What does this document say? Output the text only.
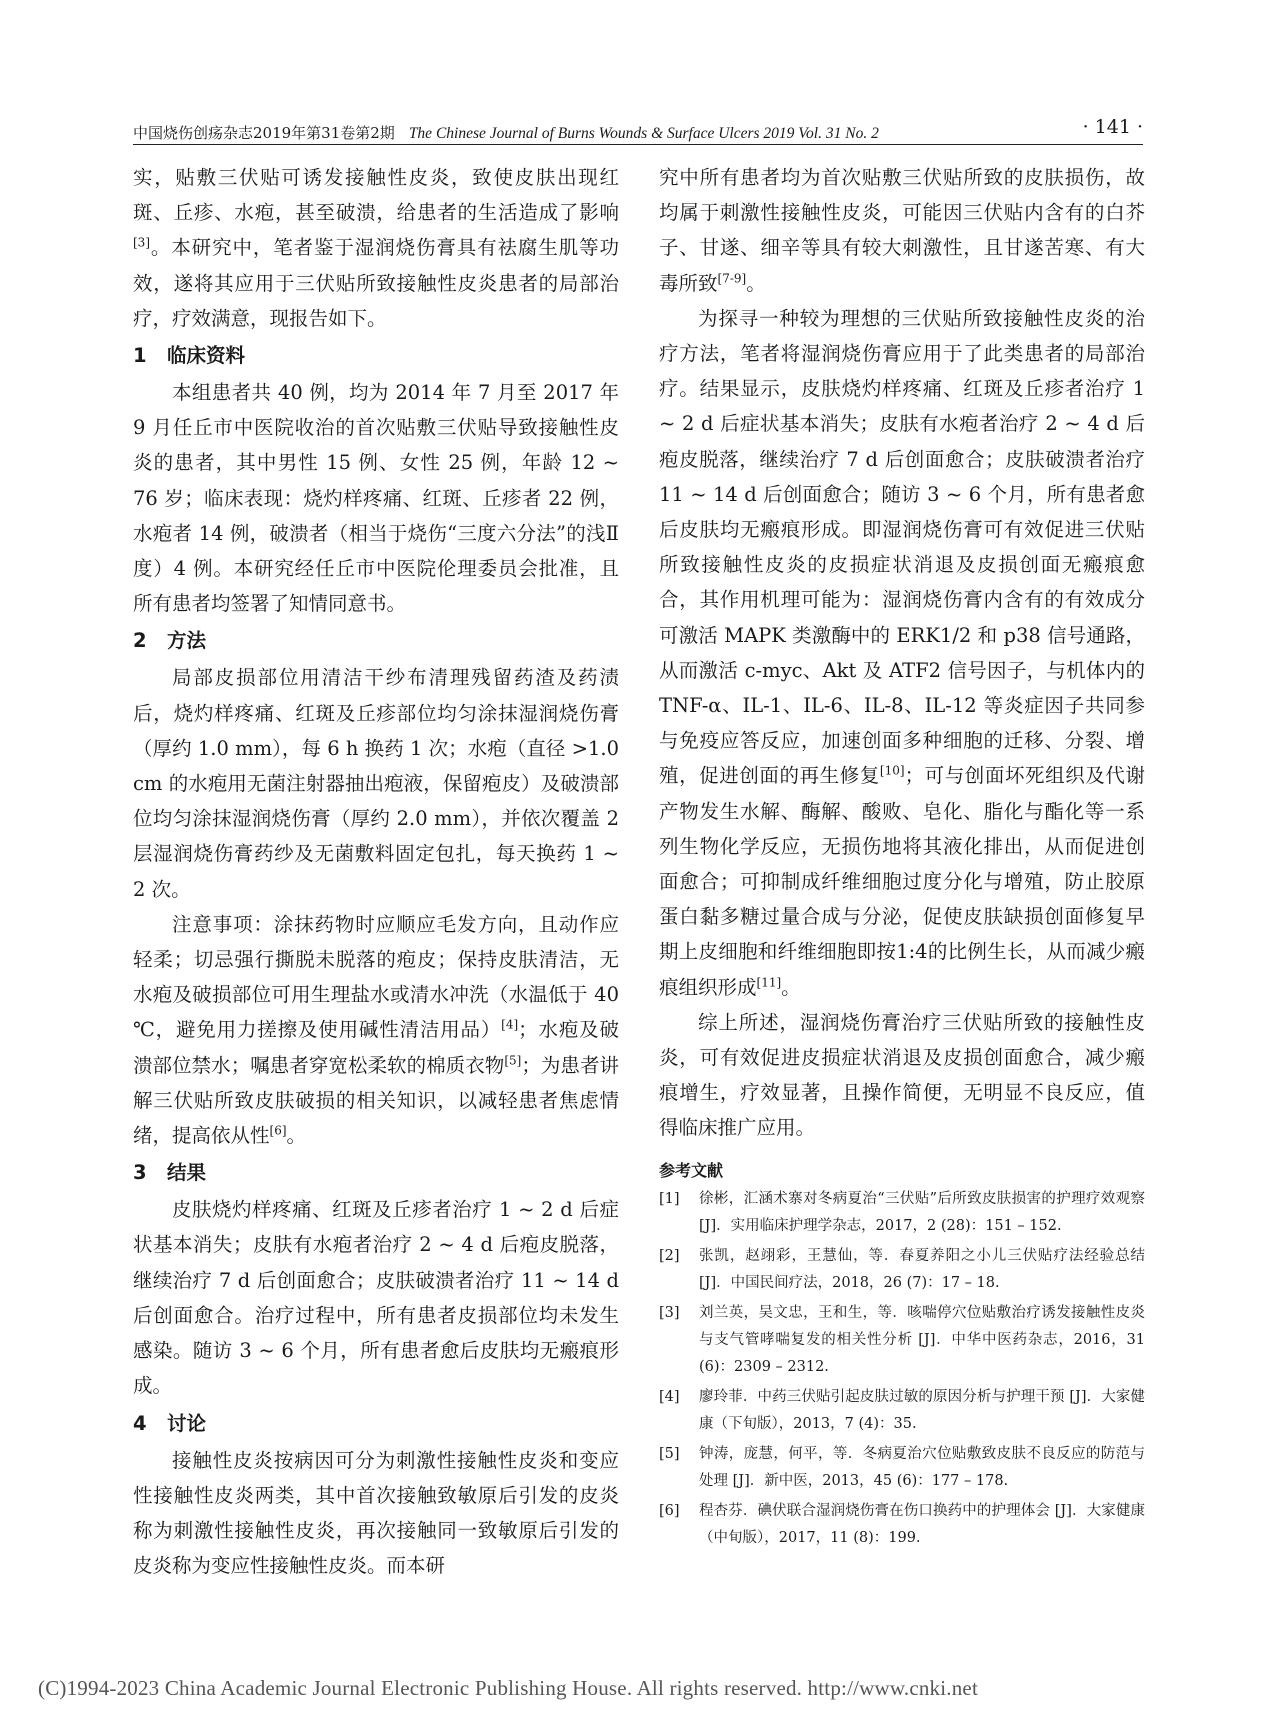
中国烧伤创疡杂志2019年第31卷第2期 The Chinese Journal of Burns Wounds & Surface Ulcers 2019 Vol. 31 No. 2	· 141 ·

实，贴敷三伏贴可诱发接触性皮炎，致使皮肤出现红斑、丘疹、水疱，甚至破溃，给患者的生活造成了影响[3]。本研究中，笔者鉴于湿润烧伤膏具有祛腐生肌等功效，遂将其应用于三伏贴所致接触性皮炎患者的局部治疗，疗效满意，现报告如下。

1 临床资料

本组患者共 40 例，均为 2014 年 7 月至 2017 年 9 月任丘市中医院收治的首次贴敷三伏贴导致接触性皮炎的患者，其中男性 15 例、女性 25 例，年龄 12 ~ 76 岁；临床表现：烧灼样疼痛、红斑、丘疹者 22 例，水疱者 14 例，破溃者（相当于烧伤“三度六分法”的浅Ⅱ度）4 例。本研究经任丘市中医院伦理委员会批准，且所有患者均签署了知情同意书。

2 方法

局部皮损部位用清洁干纱布清理残留药渣及药渍后，烧灼样疼痛、红斑及丘疹部位均匀涂抹湿润烧伤膏（厚约 1.0 mm），每 6 h 换药 1 次；水疱（直径 >1.0 cm 的水疱用无菌注射器抽出疱液，保留疱皮）及破溃部位均匀涂抹湿润烧伤膏（厚约 2.0 mm），并依次覆盖 2 层湿润烧伤膏药纱及无菌敷料固定包扎，每天换药 1 ~ 2 次。

注意事项：涂抹药物时应顺应毛发方向，且动作应轻柔；切忌强行撕脱未脱落的疱皮；保持皮肤清洁，无水疱及破损部位可用生理盐水或清水冲洗（水温低于 40 ℃，避免用力搓擦及使用碱性清洁用品）[4]；水疱及破溃部位禁水；嘱患者穿宽松柔软的棉质衣物[5]；为患者讲解三伏贴所致皮肤破损的相关知识，以减轻患者焦虑情绪，提高依从性[6]。

3 结果

皮肤烧灼样疼痛、红斑及丘疹者治疗 1 ~ 2 d 后症状基本消失；皮肤有水疱者治疗 2 ~ 4 d 后疱皮脱落，继续治疗 7 d 后创面愈合；皮肤破溃者治疗 11 ~ 14 d 后创面愈合。治疗过程中，所有患者皮损部位均未发生感染。随访 3 ~ 6 个月，所有患者愈后皮肤均无瘢痕形成。

4 讨论

接触性皮炎按病因可分为刺激性接触性皮炎和变应性接触性皮炎两类，其中首次接触致敏原后引发的皮炎称为刺激性接触性皮炎，再次接触同一致敏原后引发的皮炎称为变应性接触性皮炎。而本研

究中所有患者均为首次贴敷三伏贴所致的皮肤损伤，故均属于刺激性接触性皮炎，可能因三伏贴内含有的白芥子、甘遂、细辛等具有较大刺激性，且甘遂苦寒、有大毒所致[7-9]。

为探寻一种较为理想的三伏贴所致接触性皮炎的治疗方法，笔者将湿润烧伤膏应用于了此类患者的局部治疗。结果显示，皮肤烧灼样疼痛、红斑及丘疹者治疗 1 ~ 2 d 后症状基本消失；皮肤有水疱者治疗 2 ~ 4 d 后疱皮脱落，继续治疗 7 d 后创面愈合；皮肤破溃者治疗 11 ~ 14 d 后创面愈合；随访 3 ~ 6 个月，所有患者愈后皮肤均无瘢痕形成。即湿润烧伤膏可有效促进三伏贴所致接触性皮炎的皮损症状消退及皮损创面无瘢痕愈合，其作用机理可能为：湿润烧伤膏内含有的有效成分可激活 MAPK 类激酶中的 ERK1/2 和 p38 信号通路，从而激活 c-myc、Akt 及 ATF2 信号因子，与机体内的TNF-α、IL-1、IL-6、IL-8、IL-12 等炎症因子共同参与免疫应答反应，加速创面多种细胞的迁移、分裂、增殖，促进创面的再生修复[10]；可与创面坏死组织及代谢产物发生水解、酶解、酸败、皂化、脂化与酯化等一系列生物化学反应，无损伤地将其液化排出，从而促进创面愈合；可抑制成纤维细胞过度分化与增殖，防止胶原蛋白黏多糖过量合成与分泌，促使皮肤缺损创面修复早期上皮细胞和纤维细胞即按1:4的比例生长，从而减少瘢痕组织形成[11]。

综上所述，湿润烧伤膏治疗三伏贴所致的接触性皮炎，可有效促进皮损症状消退及皮损创面愈合，减少瘢痕增生，疗效显著，且操作简便，无明显不良反应，值得临床推广应用。

参考文献
[1]	徐彬，汇涵术寨对冬病夏治“三伏贴”后所致皮肤损害的护理疗效观察 [J]．实用临床护理学杂志，2017，2 (28)：151 – 152.
[2]	张凯，赵翊彩，王慧仙，等．春夏养阳之小儿三伏贴疗法经验总结 [J]．中国民间疗法，2018，26 (7)：17 – 18.
[3]	刘兰英，吴文忠，王和生，等．咳喘停穴位贴敷治疗诱发接触性皮炎与支气管哮喘复发的相关性分析 [J]．中华中医药杂志，2016，31 (6)：2309 – 2312.
[4]	廖玲菲．中药三伏贴引起皮肤过敏的原因分析与护理干预 [J]．大家健康（下旬版），2013，7 (4)：35.
[5]	钟涛，庞慧，何平，等．冬病夏治穴位贴敷致皮肤不良反应的防范与处理 [J]．新中医，2013，45 (6)：177 – 178.
[6]	程杏芬．碘伏联合湿润烧伤膏在伤口换药中的护理体会 [J]．大家健康（中旬版），2017，11 (8)：199.
(C)1994-2023 China Academic Journal Electronic Publishing House. All rights reserved. http://www.cnki.net
